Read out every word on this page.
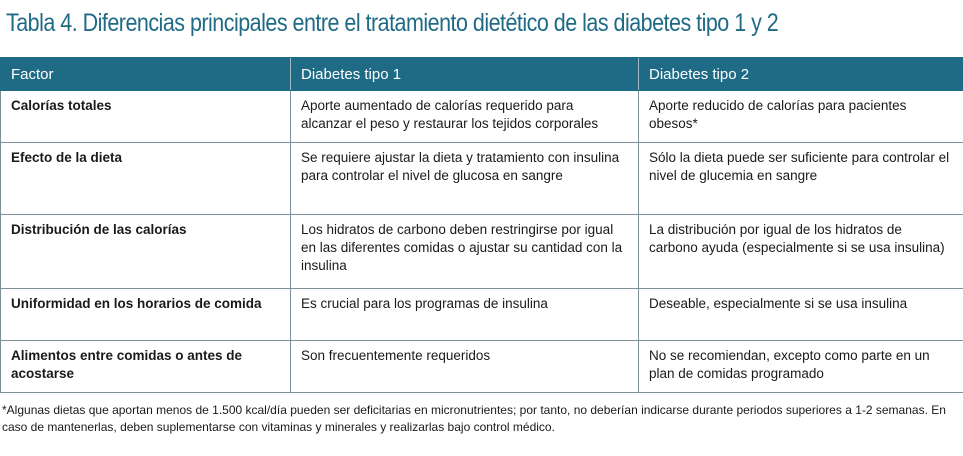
Tabla 4. Diferencias principales entre el tratamiento dietético de las diabetes tipo 1 y 2
Factor	Diabetes tipo 1	Diabetes tipo 2
Calorías totales	Aporte aumentado de calorías requerido para alcanzar el peso y restaurar los tejidos corporales	Aporte reducido de calorías para pacientes obesos*
Efecto de la dieta	Se requiere ajustar la dieta y tratamiento con insulina para controlar el nivel de glucosa en sangre	Sólo la dieta puede ser suficiente para controlar el nivel de glucemia en sangre
Distribución de las calorías	Los hidratos de carbono deben restringirse por igual en las diferentes comidas o ajustar su cantidad con la insulina	La distribución por igual de los hidratos de carbono ayuda (especialmente si se usa insulina)
Uniformidad en los horarios de comida	Es crucial para los programas de insulina	Deseable, especialmente si se usa insulina
Alimentos entre comidas o antes de acostarse	Son frecuentemente requeridos	No se recomiendan, excepto como parte en un plan de comidas programado
*Algunas dietas que aportan menos de 1.500 kcal/día pueden ser deficitarias en micronutrientes; por tanto, no deberían indicarse durante periodos superiores a 1-2 semanas. En caso de mantenerlas, deben suplementarse con vitaminas y minerales y realizarlas bajo control médico.
